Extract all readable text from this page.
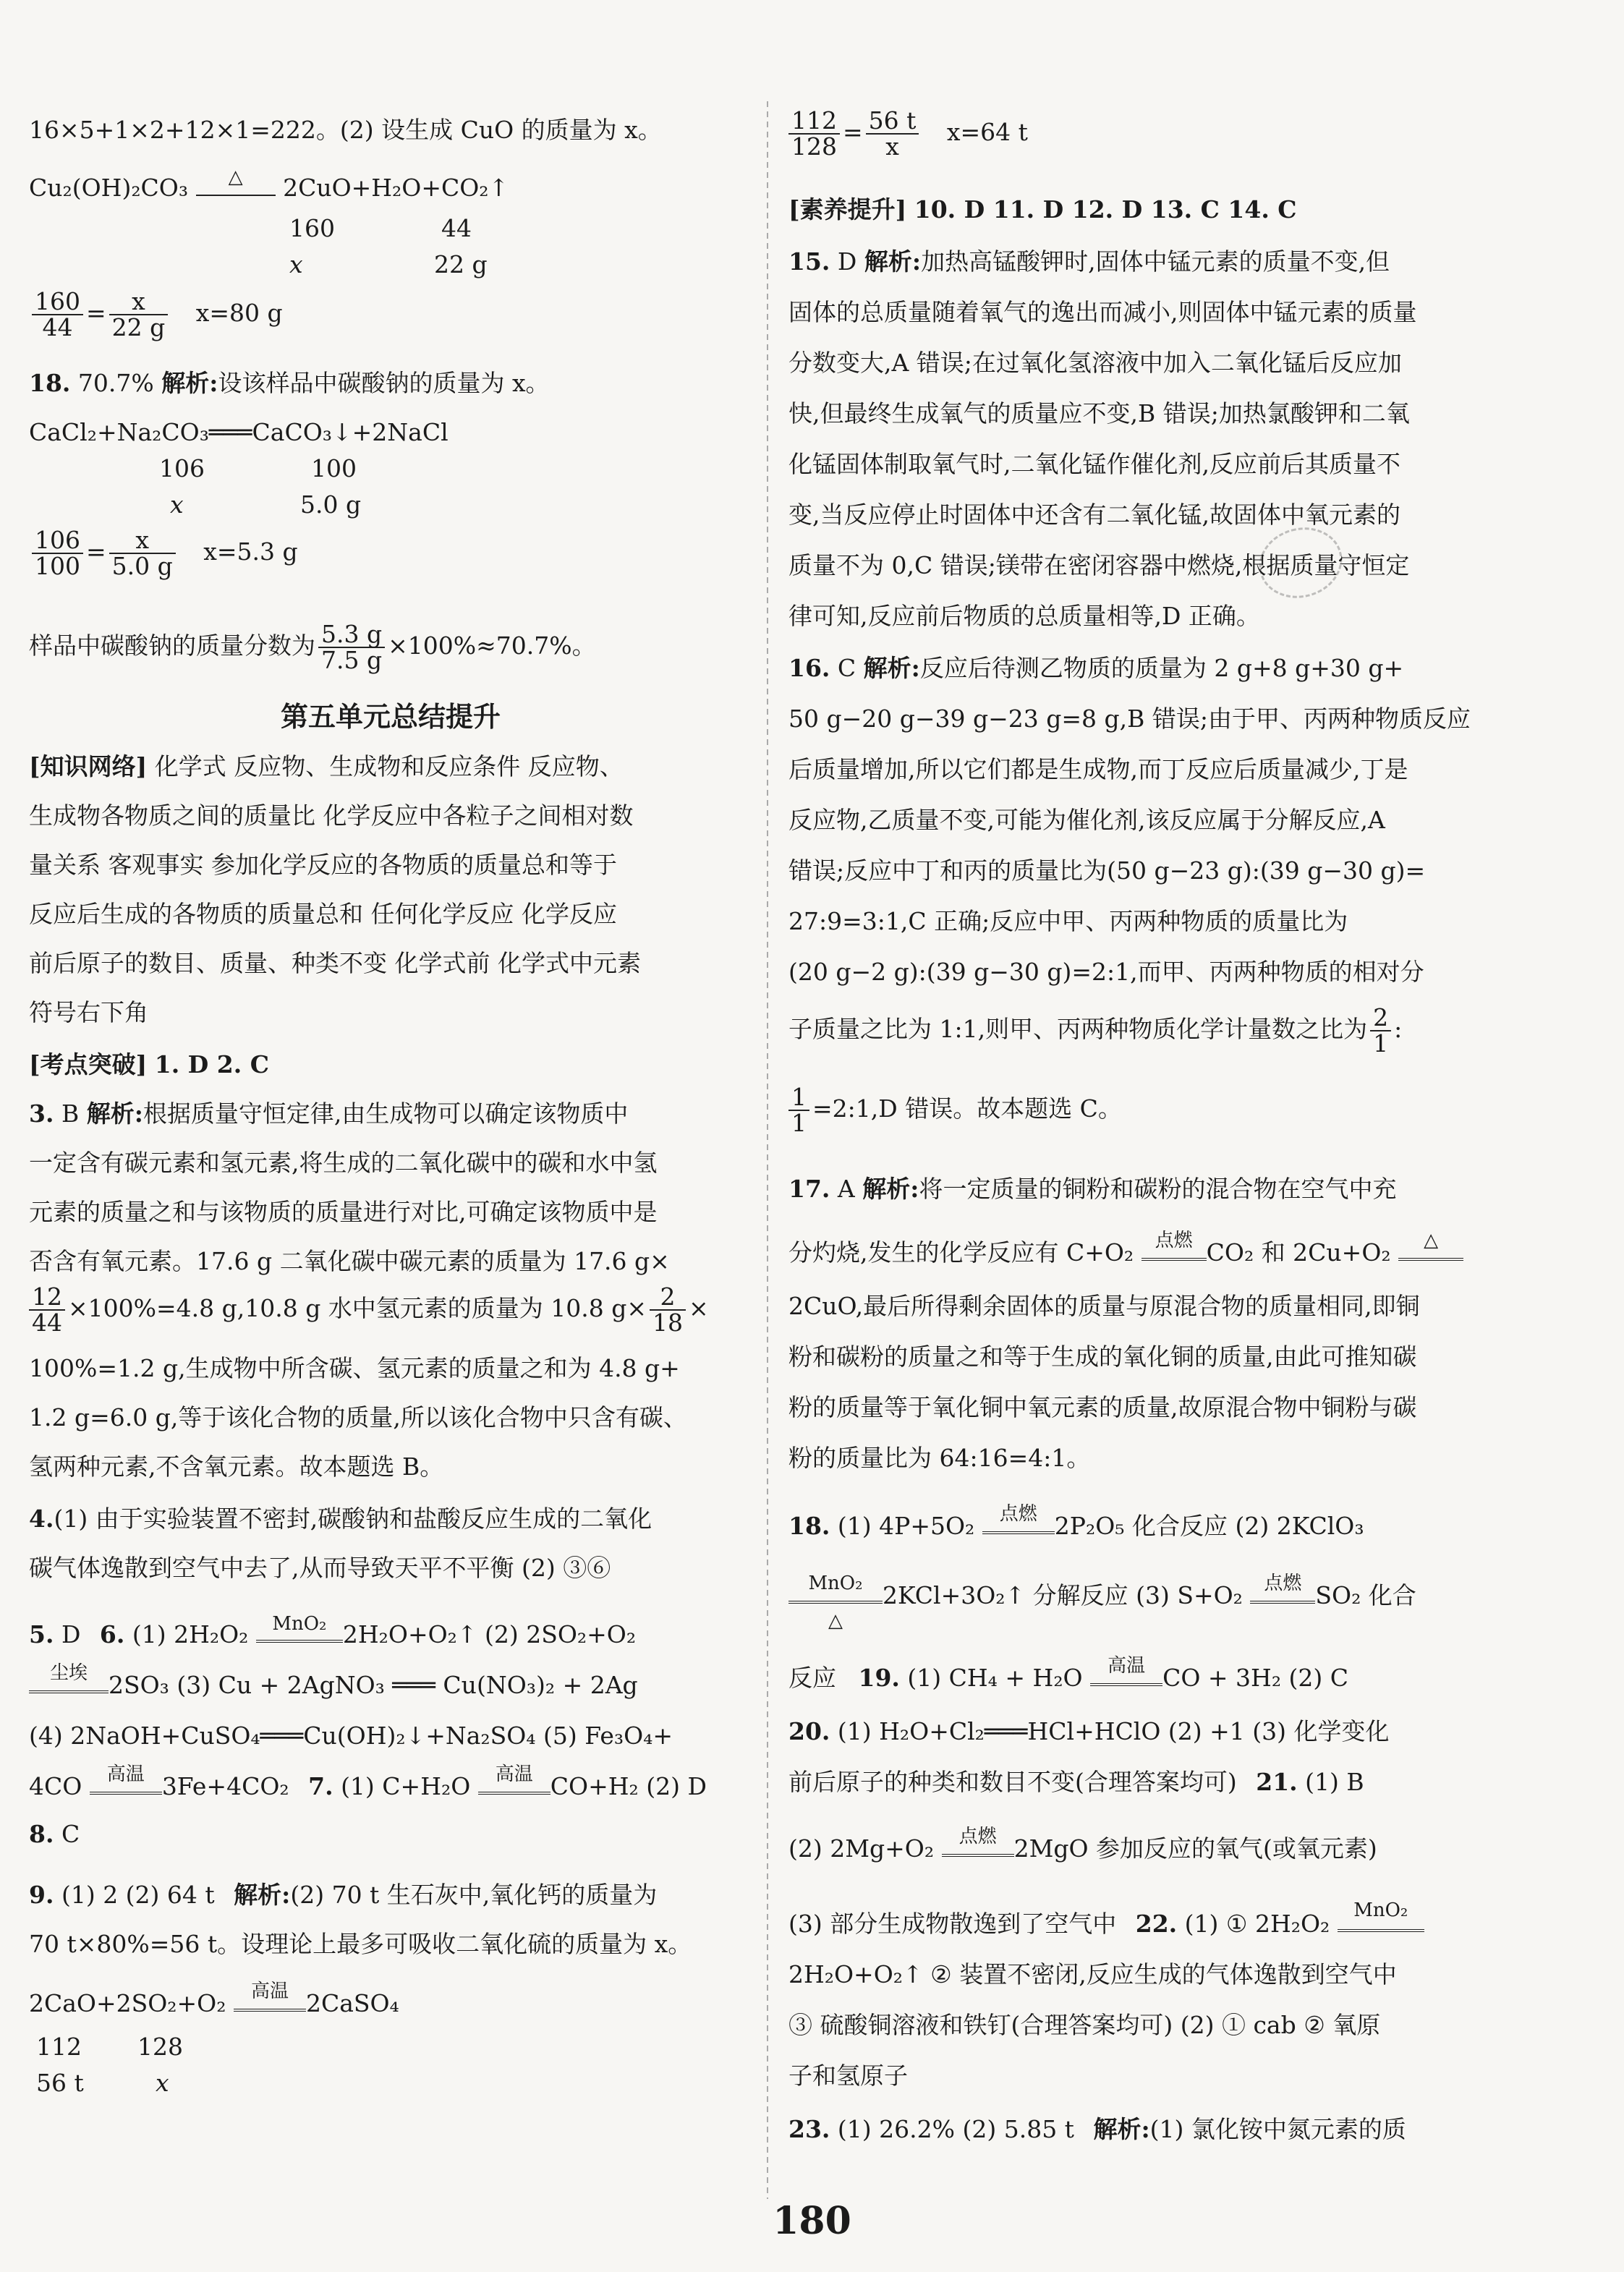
16×5+1×2+12×1=222。(2) 设生成 CuO 的质量为 x。
Cu₂(OH)₂CO₃	△	2CuO+H₂O+CO₂↑
160	44
x	22 g
$\frac{160}{44} = \frac{x}{22 g} x=80$ g
18. 70.7% 解析:设该样品中碳酸钠的质量为 x。
CaCl₂+Na₂CO₃═══CaCO₃↓+2NaCl
106	100
x	5.0 g
$\frac{106}{100} = \frac{x}{5.0 g} x=5.3$ g
样品中碳酸钠的质量分数为 $\frac{5.3 g}{7.5 g} \times 100\%\approx 70.7\%$。
第五单元总结提升
[知识网络] 化学式 反应物、生成物和反应条件 反应物、
生成物各物质之间的质量比 化学反应中各粒子之间相对数
量关系 客观事实 参加化学反应的各物质的质量总和等于
反应后生成的各物质的质量总和 任何化学反应 化学反应
前后原子的数目、质量、种类不变 化学式前 化学式中元素
符号右下角
[考点突破] 1. D 2. C
3. B 解析:根据质量守恒定律,由生成物可以确定该物质中
一定含有碳元素和氢元素,将生成的二氧化碳中的碳和水中氢
元素的质量之和与该物质的质量进行对比,可确定该物质中是
否含有氧元素。17.6 g 二氧化碳中碳元素的质量为 17.6 g×
$\frac{12}{44} \times 100\%=4.8$ g,10.8 g 水中氢元素的质量为 10.8 $g\times \frac{2}{18}$ ×
100%=1.2 g,生成物中所含碳、氢元素的质量之和为 4.8 g+
1.2 g=6.0 g,等于该化合物的质量,所以该化合物中只含有碳、
氢两种元素,不含氧元素。故本题选 B。
4.(1) 由于实验装置不密封,碳酸钠和盐酸反应生成的二氧化
碳气体逸散到空气中去了,从而导致天平不平衡 (2) ③⑥
5. D 6. (1) 2H₂O₂	MnO₂ 2H₂O+O₂↑ (2) 2SO₂+O₂
尘埃 2SO₃ (3) Cu + 2AgNO₃ ═══ Cu(NO₃)₂ + 2Ag
(4) 2NaOH+CuSO₄═══Cu(OH)₂↓+Na₂SO₄ (5) Fe₃O₄+
4CO	高温 3Fe+4CO₂ 7. (1) C+H₂O	高温 CO+H₂ (2) D
8. C
9. (1) 2 (2) 64 t 解析:(2) 70 t 生石灰中,氧化钙的质量为
70 t×80%=56 t。设理论上最多可吸收二氧化硫的质量为 x。
2CaO+2SO₂+O₂	高温 2CaSO₄
112 128
56 t	x
$\frac{112}{128} = \frac{56 t}{x} x=64$ t
[素养提升] 10. D 11. D 12. D 13. C 14. C
15. D 解析:加热高锰酸钾时,固体中锰元素的质量不变,但
固体的总质量随着氧气的逸出而减小,则固体中锰元素的质量
分数变大,A 错误;在过氧化氢溶液中加入二氧化锰后反应加
快,但最终生成氧气的质量应不变,B 错误;加热氯酸钾和二氧
化锰固体制取氧气时,二氧化锰作催化剂,反应前后其质量不
变,当反应停止时固体中还含有二氧化锰,故固体中氧元素的
质量不为 0,C 错误;镁带在密闭容器中燃烧,根据质量守恒定
律可知,反应前后物质的总质量相等,D 正确。
16. C 解析:反应后待测乙物质的质量为 2 g+8 g+30 g+
50 g−20 g−39 g−23 g=8 g,B 错误;由于甲、丙两种物质反应
后质量增加,所以它们都是生成物,而丁反应后质量减少,丁是
反应物,乙质量不变,可能为催化剂,该反应属于分解反应,A
错误;反应中丁和丙的质量比为(50 g−23 g):(39 g−30 g)=
27:9=3:1,C 正确;反应中甲、丙两种物质的质量比为
(20 g−2 g):(39 g−30 g)=2:1,而甲、丙两种物质的相对分
子质量之比为 1:1,则甲、丙两种物质化学计量数之比为 $\frac{2}{1}$ :
$\frac{1}{1}$ =2:1,D 错误。故本题选 C。
17. A 解析:将一定质量的铜粉和碳粉的混合物在空气中充
分灼烧,发生的化学反应有 C+O₂	点燃 CO₂ 和 2Cu+O₂	△
2CuO,最后所得剩余固体的质量与原混合物的质量相同,即铜
粉和碳粉的质量之和等于生成的氧化铜的质量,由此可推知碳
粉的质量等于氧化铜中氧元素的质量,故原混合物中铜粉与碳
粉的质量比为 64:16=4:1。
18. (1) 4P+5O₂	点燃 2P₂O₅ 化合反应 (2) 2KClO₃
MnO₂
△
2KCl+3O₂↑ 分解反应 (3) S+O₂	点燃 SO₂ 化合
反应 19. (1) CH₄ + H₂O	高温 CO + 3H₂ (2) C
20. (1) H₂O+Cl₂═══HCl+HClO (2) +1 (3) 化学变化
前后原子的种类和数目不变(合理答案均可) 21. (1) B
(2) 2Mg+O₂	点燃 2MgO 参加反应的氧气(或氧元素)
(3) 部分生成物散逸到了空气中 22. (1) ① 2H₂O₂	MnO₂
2H₂O+O₂↑ ② 装置不密闭,反应生成的气体逸散到空气中
③ 硫酸铜溶液和铁钉(合理答案均可) (2) ① cab ② 氧原
子和氢原子
23. (1) 26.2% (2) 5.85 t 解析:(1) 氯化铵中氮元素的质
180
